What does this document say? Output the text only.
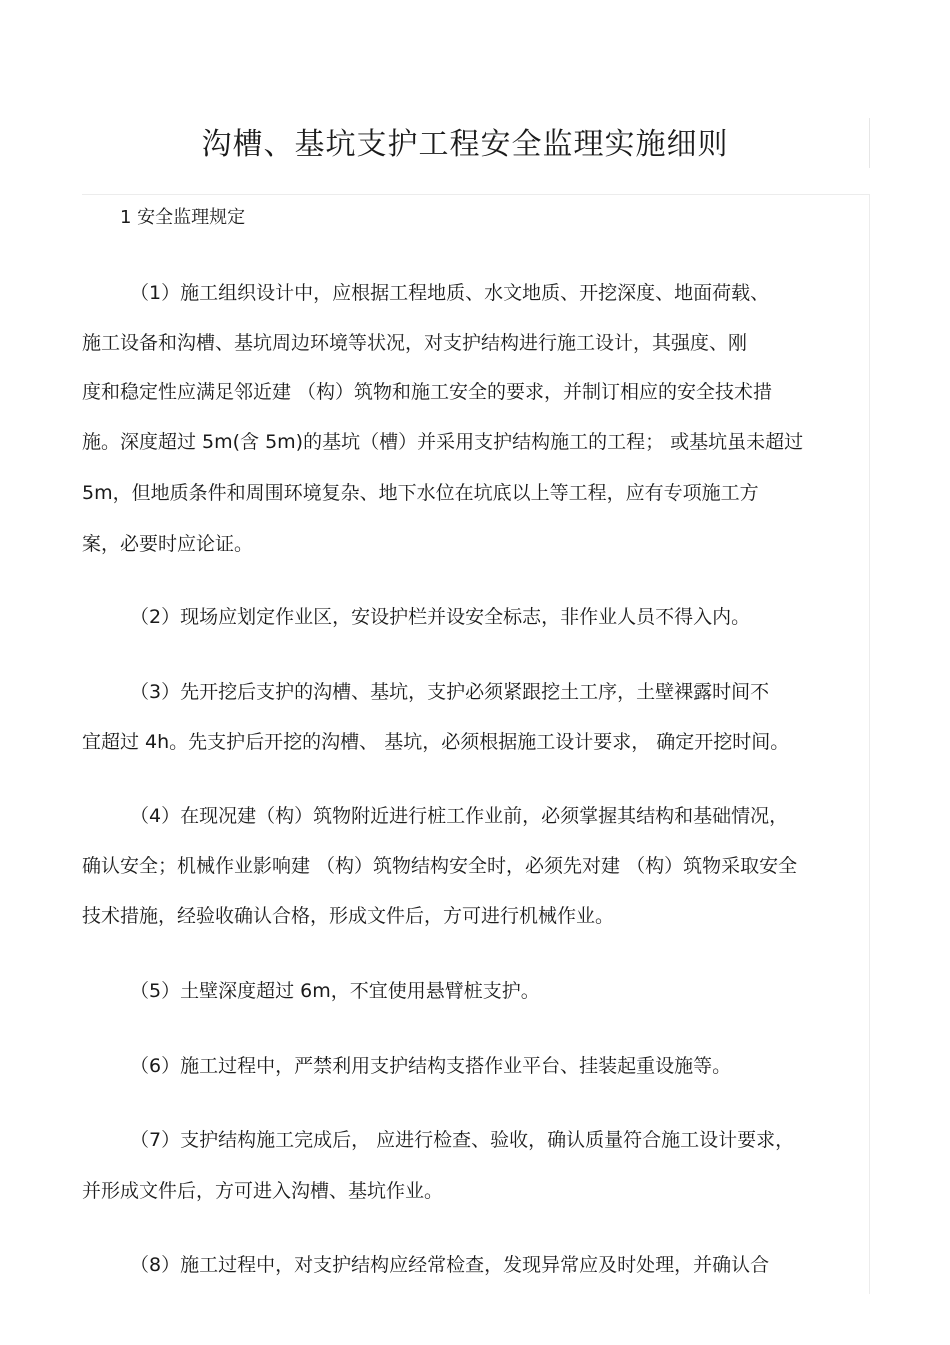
沟槽、基坑支护工程安全监理实施细则

1 安全监理规定

（1）施工组织设计中，应根据工程地质、水文地质、开挖深度、地面荷载、

施工设备和沟槽、基坑周边环境等状况，对支护结构进行施工设计，其强度、刚

度和稳定性应满足邻近建 （构）筑物和施工安全的要求，并制订相应的安全技术措

施。深度超过 5m(含 5m)的基坑（槽）并采用支护结构施工的工程； 或基坑虽未超过

5m，但地质条件和周围环境复杂、地下水位在坑底以上等工程，应有专项施工方

案，必要时应论证。

（2）现场应划定作业区，安设护栏并设安全标志，非作业人员不得入内。

（3）先开挖后支护的沟槽、基坑，支护必须紧跟挖土工序，土壁裸露时间不

宜超过 4h。先支护后开挖的沟槽、 基坑，必须根据施工设计要求， 确定开挖时间。

（4）在现况建（构）筑物附近进行桩工作业前，必须掌握其结构和基础情况，

确认安全；机械作业影响建 （构）筑物结构安全时，必须先对建 （构）筑物采取安全

技术措施，经验收确认合格，形成文件后，方可进行机械作业。

（5）土壁深度超过 6m，不宜使用悬臂桩支护。

（6）施工过程中，严禁利用支护结构支搭作业平台、挂装起重设施等。

（7）支护结构施工完成后， 应进行检查、验收，确认质量符合施工设计要求，

并形成文件后，方可进入沟槽、基坑作业。

（8）施工过程中，对支护结构应经常检查，发现异常应及时处理，并确认合
